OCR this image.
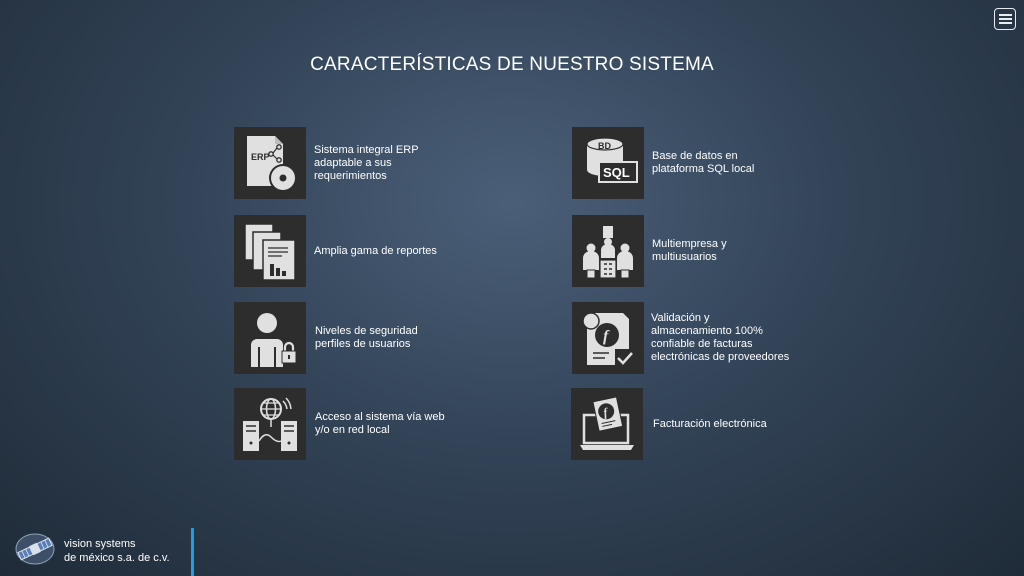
CARACTERÍSTICAS DE NUESTRO SISTEMA
ERP
Sistema integral ERP
adaptable a sus
requerimientos
BD
SQL
Base de datos en
plataforma SQL local
Amplia gama de reportes
Multiempresa y
multiusuarios
Niveles de seguridad
perfiles de usuarios	f
Validación y
almacenamiento 100%
confiable de facturas
electrónicas de proveedores
Acceso al sistema vía web
y/o en red local
f
Facturación electrónica
vision systems
de méxico s.a. de c.v.
